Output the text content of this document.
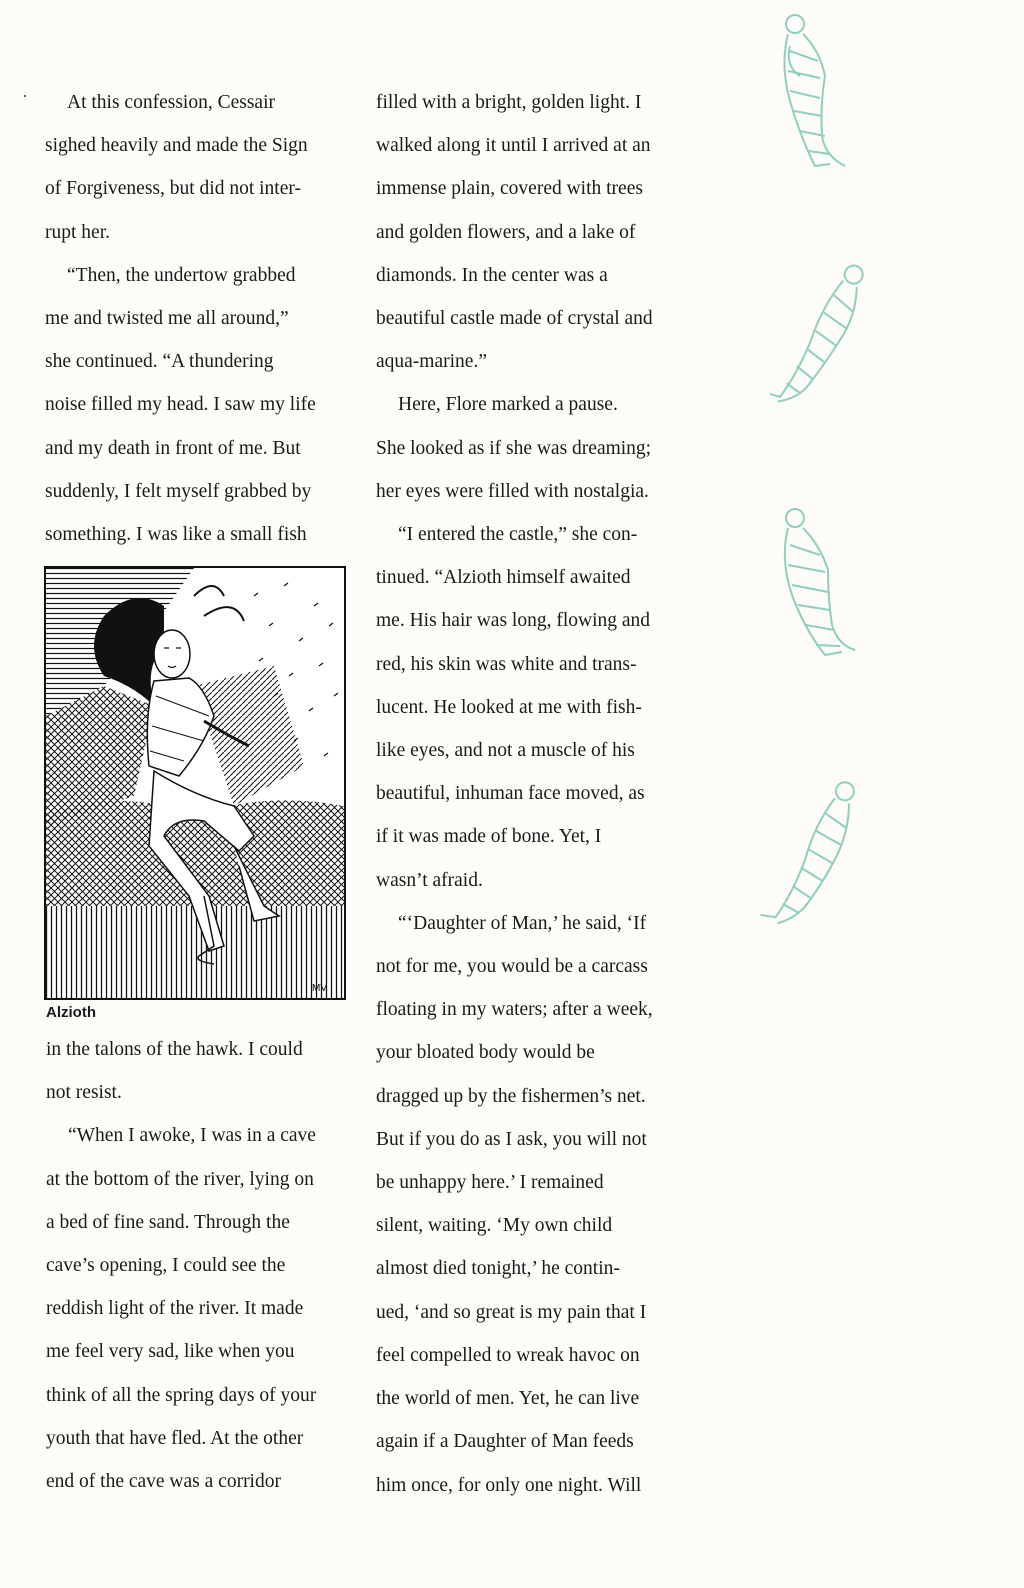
At this confession, Cessair
sighed heavily and made the Sign
of Forgiveness, but did not inter-
rupt her.
“Then, the undertow grabbed
me and twisted me all around,”
she continued. “A thundering
noise filled my head. I saw my life
and my death in front of me. But
suddenly, I felt myself grabbed by
something. I was like a small fish
MV
Alzioth
in the talons of the hawk. I could
not resist.
“When I awoke, I was in a cave
at the bottom of the river, lying on
a bed of fine sand. Through the
cave’s opening, I could see the
reddish light of the river. It made
me feel very sad, like when you
think of all the spring days of your
youth that have fled. At the other
end of the cave was a corridor
filled with a bright, golden light. I
walked along it until I arrived at an
immense plain, covered with trees
and golden flowers, and a lake of
diamonds. In the center was a
beautiful castle made of crystal and
aqua-marine.”
Here, Flore marked a pause.
She looked as if she was dreaming;
her eyes were filled with nostalgia.
“I entered the castle,” she con-
tinued. “Alzioth himself awaited
me. His hair was long, flowing and
red, his skin was white and trans-
lucent. He looked at me with fish-
like eyes, and not a muscle of his
beautiful, inhuman face moved, as
if it was made of bone. Yet, I
wasn’t afraid.
“‘Daughter of Man,’ he said, ‘If
not for me, you would be a carcass
floating in my waters; after a week,
your bloated body would be
dragged up by the fishermen’s net.
But if you do as I ask, you will not
be unhappy here.’ I remained
silent, waiting. ‘My own child
almost died tonight,’ he contin-
ued, ‘and so great is my pain that I
feel compelled to wreak havoc on
the world of men. Yet, he can live
again if a Daughter of Man feeds
him once, for only one night. Will
